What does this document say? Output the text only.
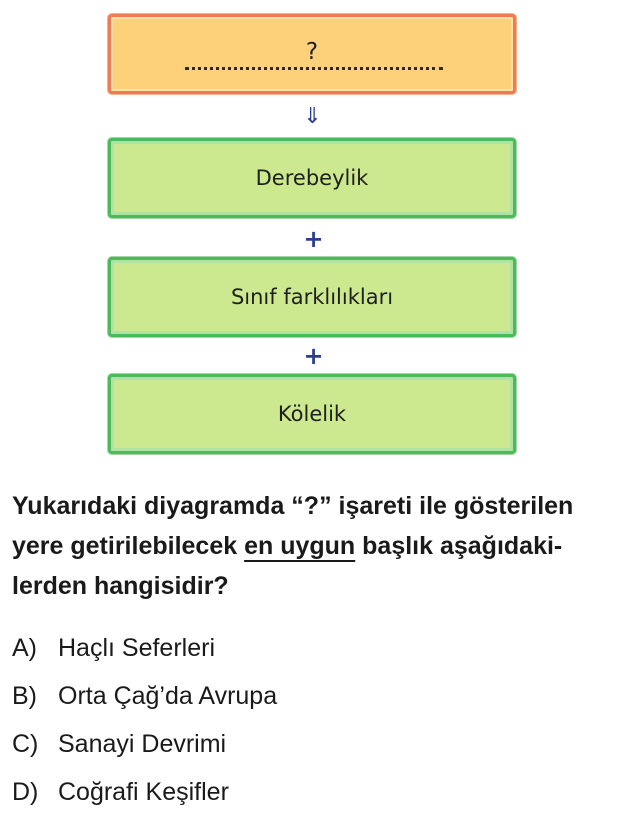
?
⇓
Derebeylik
+
Sınıf farklılıkları
+
Kölelik

Yukarıdaki diyagramda “?” işareti ile gösterilen yere getirilebilecek en uygun başlık aşağıdaki-lerden hangisidir?

A) Haçlı Seferleri
B) Orta Çağ’da Avrupa
C) Sanayi Devrimi
D) Coğrafi Keşifler
